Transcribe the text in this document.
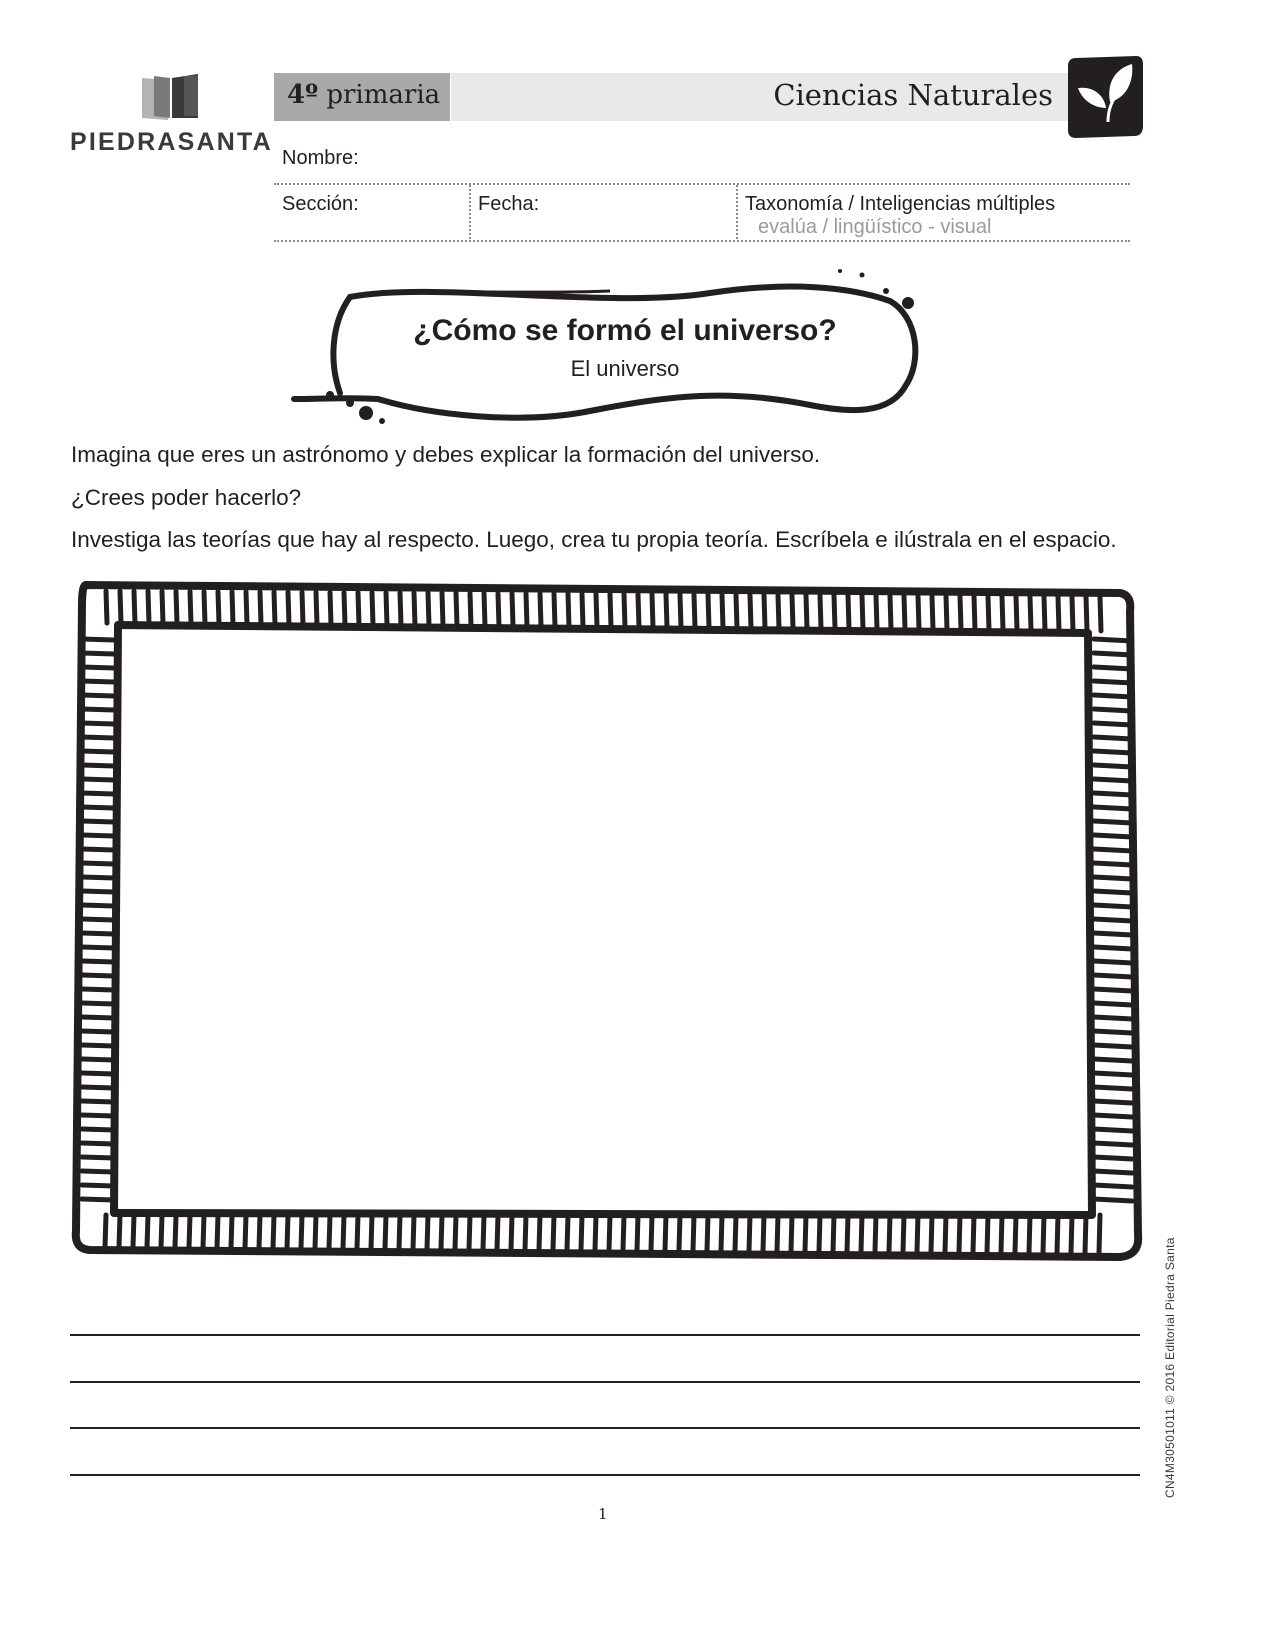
PIEDRASANTA
4º primaria	Ciencias Naturales
Nombre:
Sección:	Fecha:	Taxonomía / Inteligencias múltiples
evalúa / lingüístico - visual
¿Cómo se formó el universo?
El universo
Imagina que eres un astrónomo y debes explicar la formación del universo.
¿Crees poder hacerlo?
Investiga las teorías que hay al respecto. Luego, crea tu propia teoría. Escríbela e ilústrala en el espacio.
CN4M30501011 © 2016 Editorial Piedra Santa
1
